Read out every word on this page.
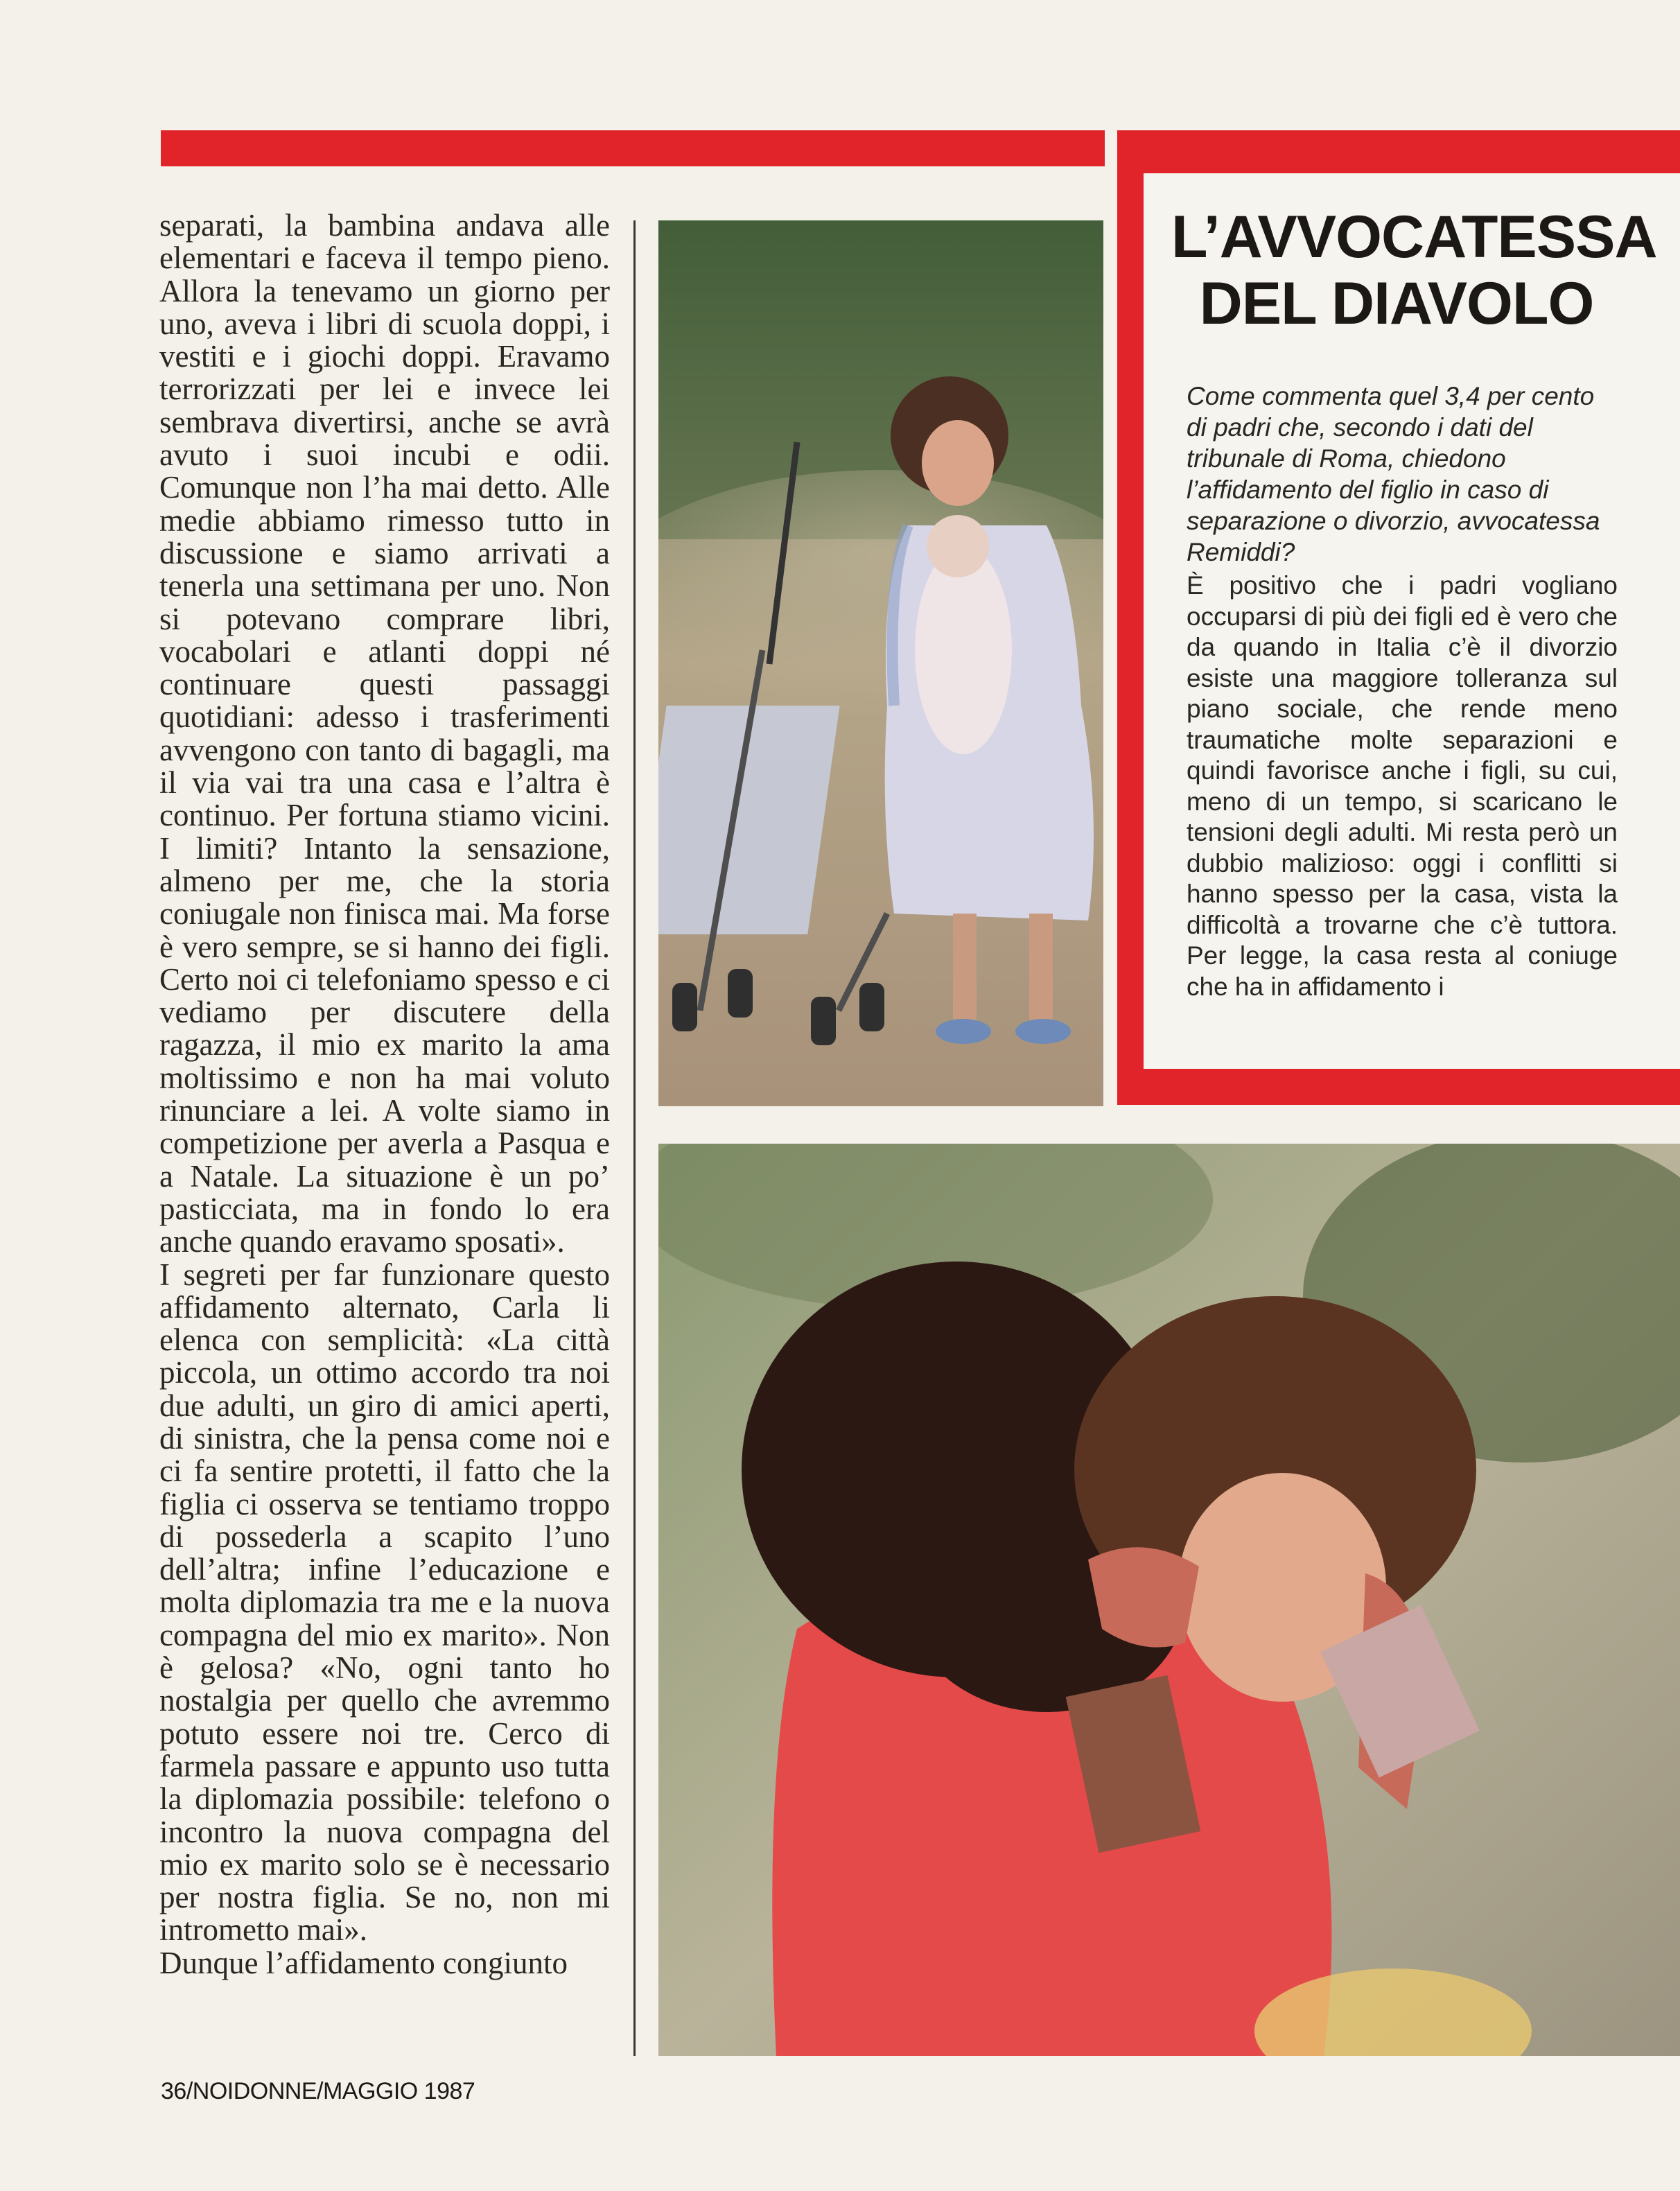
separati, la bambina andava alle elementari e faceva il tempo pieno. Allora la tenevamo un giorno per uno, aveva i libri di scuola doppi, i vestiti e i giochi doppi. Eravamo terrorizzati per lei e invece lei sembrava divertirsi, anche se avrà avuto i suoi incubi e odii. Comunque non l’ha mai detto. Alle medie abbiamo rimesso tutto in discussione e siamo arrivati a tenerla una settimana per uno. Non si potevano comprare libri, vocabolari e atlanti doppi né continuare questi passaggi quotidiani: adesso i trasferimenti avvengono con tanto di bagagli, ma il via vai tra una casa e l’altra è continuo. Per fortuna stiamo vicini. I limiti? Intanto la sensazione, almeno per me, che la storia coniugale non finisca mai. Ma forse è vero sempre, se si hanno dei figli. Certo noi ci telefoniamo spesso e ci vediamo per discutere della ragazza, il mio ex marito la ama moltissimo e non ha mai voluto rinunciare a lei. A volte siamo in competizione per averla a Pasqua e a Natale. La situazione è un po’ pasticciata, ma in fondo lo era anche quando eravamo sposati».

I segreti per far funzionare questo affidamento alternato, Carla li elenca con semplicità: «La città piccola, un ottimo accordo tra noi due adulti, un giro di amici aperti, di sinistra, che la pensa come noi e ci fa sentire protetti, il fatto che la figlia ci osserva se tentiamo troppo di possederla a scapito l’uno dell’altra; infine l’educazione e molta diplomazia tra me e la nuova compagna del mio ex marito». Non è gelosa? «No, ogni tanto ho nostalgia per quello che avremmo potuto essere noi tre. Cerco di farmela passare e appunto uso tutta la diplomazia possibile: telefono o incontro la nuova compagna del mio ex marito solo se è necessario per nostra figlia. Se no, non mi intrometto mai».

Dunque l’affidamento congiunto

L’AVVOCATESSA
DEL DIAVOLO
Come commenta quel 3,4 per cento di padri che, secondo i dati del tribunale di Roma, chiedono l’affidamento del figlio in caso di separazione o divorzio, avvocatessa Remiddi?
È positivo che i padri vogliano occuparsi di più dei figli ed è vero che da quando in Italia c’è il divorzio esiste una maggiore tolleranza sul piano sociale, che rende meno traumatiche molte separazioni e quindi favorisce anche i figli, su cui, meno di un tempo, si scaricano le tensioni degli adulti. Mi resta però un dubbio malizioso: oggi i conflitti si hanno spesso per la casa, vista la difficoltà a trovarne che c’è tuttora. Per legge, la casa resta al coniuge che ha in affidamento i
36/NOIDONNE/MAGGIO 1987
